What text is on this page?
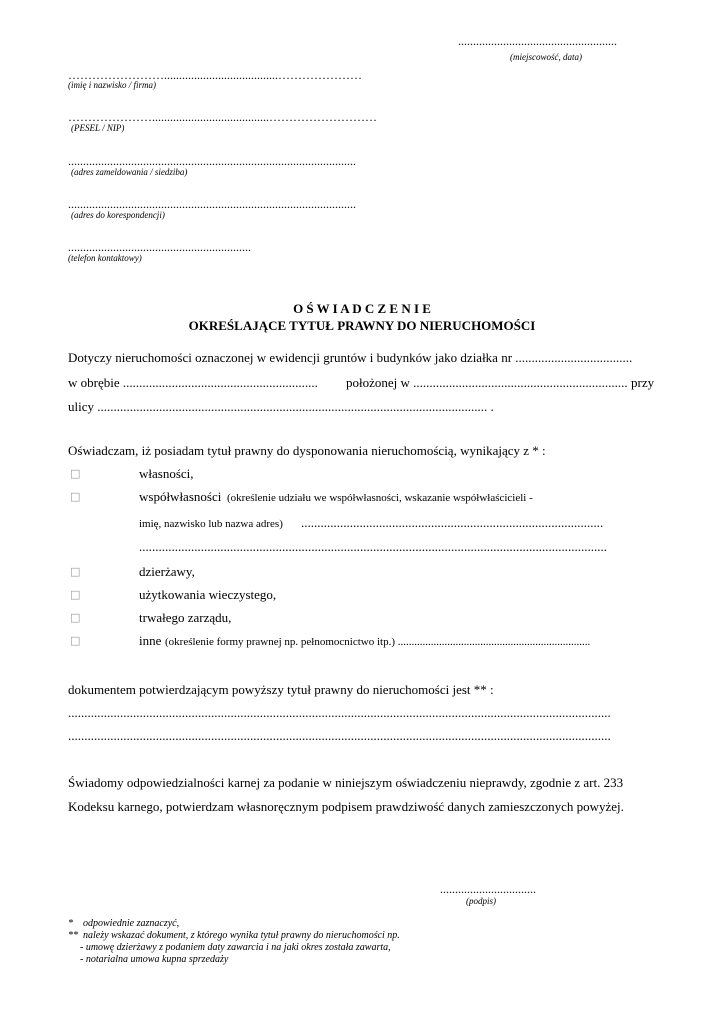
.....................................................
(miejscowość, data)
……………………......................................…………………
(imię i nazwisko / firma)
………………….......................................………………………
(PESEL / NIP)
................................................................................................
(adres zameldowania / siedziba)
................................................................................................
(adres do korespondencji)
.............................................................
(telefon kontaktowy)
O Ś W I A D C Z E N I E
OKREŚLAJĄCE TYTUŁ PRAWNY DO NIERUCHOMOŚCI
Dotyczy nieruchomości oznaczonej w ewidencji gruntów i budynków jako działka nr ....................................
w obrębie ............................................................ położonej w .................................................................. przy
ulicy ........................................................................................................................ .
Oświadczam, iż posiadam tytuł prawny do dysponowania nieruchomością, wynikający z * :
□	własności,
□	współwłasności (określenie udziału we współwłasności, wskazanie współwłaścicieli -
imię, nazwisko lub nazwa adres) .............................................................................................
................................................................................................................................................
□	dzierżawy,
□	użytkowania wieczystego,
□	trwałego zarządu,
□	inne (określenie formy prawnej np. pełnomocnictwo itp.) ......................................................................
dokumentem potwierdzającym powyższy tytuł prawny do nieruchomości jest ** :
.......................................................................................................................................................................
.......................................................................................................................................................................
Świadomy odpowiedzialności karnej za podanie w niniejszym oświadczeniu nieprawdy, zgodnie z art. 233
Kodeksu karnego, potwierdzam własnoręcznym podpisem prawdziwość danych zamieszczonych powyżej.
................................
(podpis)
* odpowiednie zaznaczyć,
** należy wskazać dokument, z którego wynika tytuł prawny do nieruchomości np.
- umowę dzierżawy z podaniem daty zawarcia i na jaki okres została zawarta,
- notarialna umowa kupna sprzedaży
